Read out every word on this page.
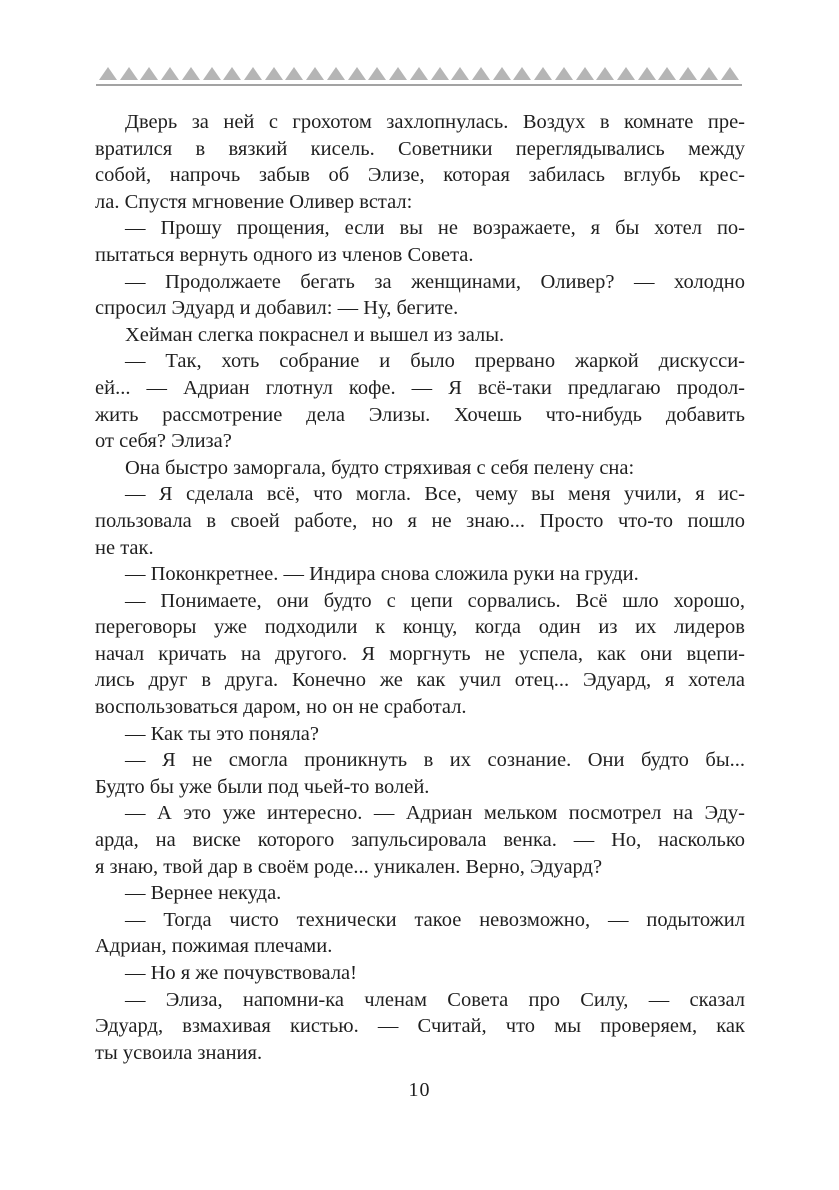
Дверь за ней с грохотом захлопнулась. Воздух в комнате пре-
вратился в вязкий кисель. Советники переглядывались между
собой, напрочь забыв об Элизе, которая забилась вглубь крес-
ла. Спустя мгновение Оливер встал:
— Прошу прощения, если вы не возражаете, я бы хотел по-
пытаться вернуть одного из членов Совета.
— Продолжаете бегать за женщинами, Оливер? — холодно
спросил Эдуард и добавил: — Ну, бегите.
Хейман слегка покраснел и вышел из залы.
— Так, хоть собрание и было прервано жаркой дискусси-
ей... — Адриан глотнул кофе. — Я всё-таки предлагаю продол-
жить рассмотрение дела Элизы. Хочешь что-нибудь добавить
от себя? Элиза?
Она быстро заморгала, будто стряхивая с себя пелену сна:
— Я сделала всё, что могла. Все, чему вы меня учили, я ис-
пользовала в своей работе, но я не знаю... Просто что-то пошло
не так.
— Поконкретнее. — Индира снова сложила руки на груди.
— Понимаете, они будто с цепи сорвались. Всё шло хорошо,
переговоры уже подходили к концу, когда один из их лидеров
начал кричать на другого. Я моргнуть не успела, как они вцепи-
лись друг в друга. Конечно же как учил отец... Эдуард, я хотела
воспользоваться даром, но он не сработал.
— Как ты это поняла?
— Я не смогла проникнуть в их сознание. Они будто бы...
Будто бы уже были под чьей-то волей.
— А это уже интересно. — Адриан мельком посмотрел на Эду-
арда, на виске которого запульсировала венка. — Но, насколько
я знаю, твой дар в своём роде... уникален. Верно, Эдуард?
— Вернее некуда.
— Тогда чисто технически такое невозможно, — подытожил
Адриан, пожимая плечами.
— Но я же почувствовала!
— Элиза, напомни-ка членам Совета про Силу, — сказал
Эдуард, взмахивая кистью. — Считай, что мы проверяем, как
ты усвоила знания.
10
